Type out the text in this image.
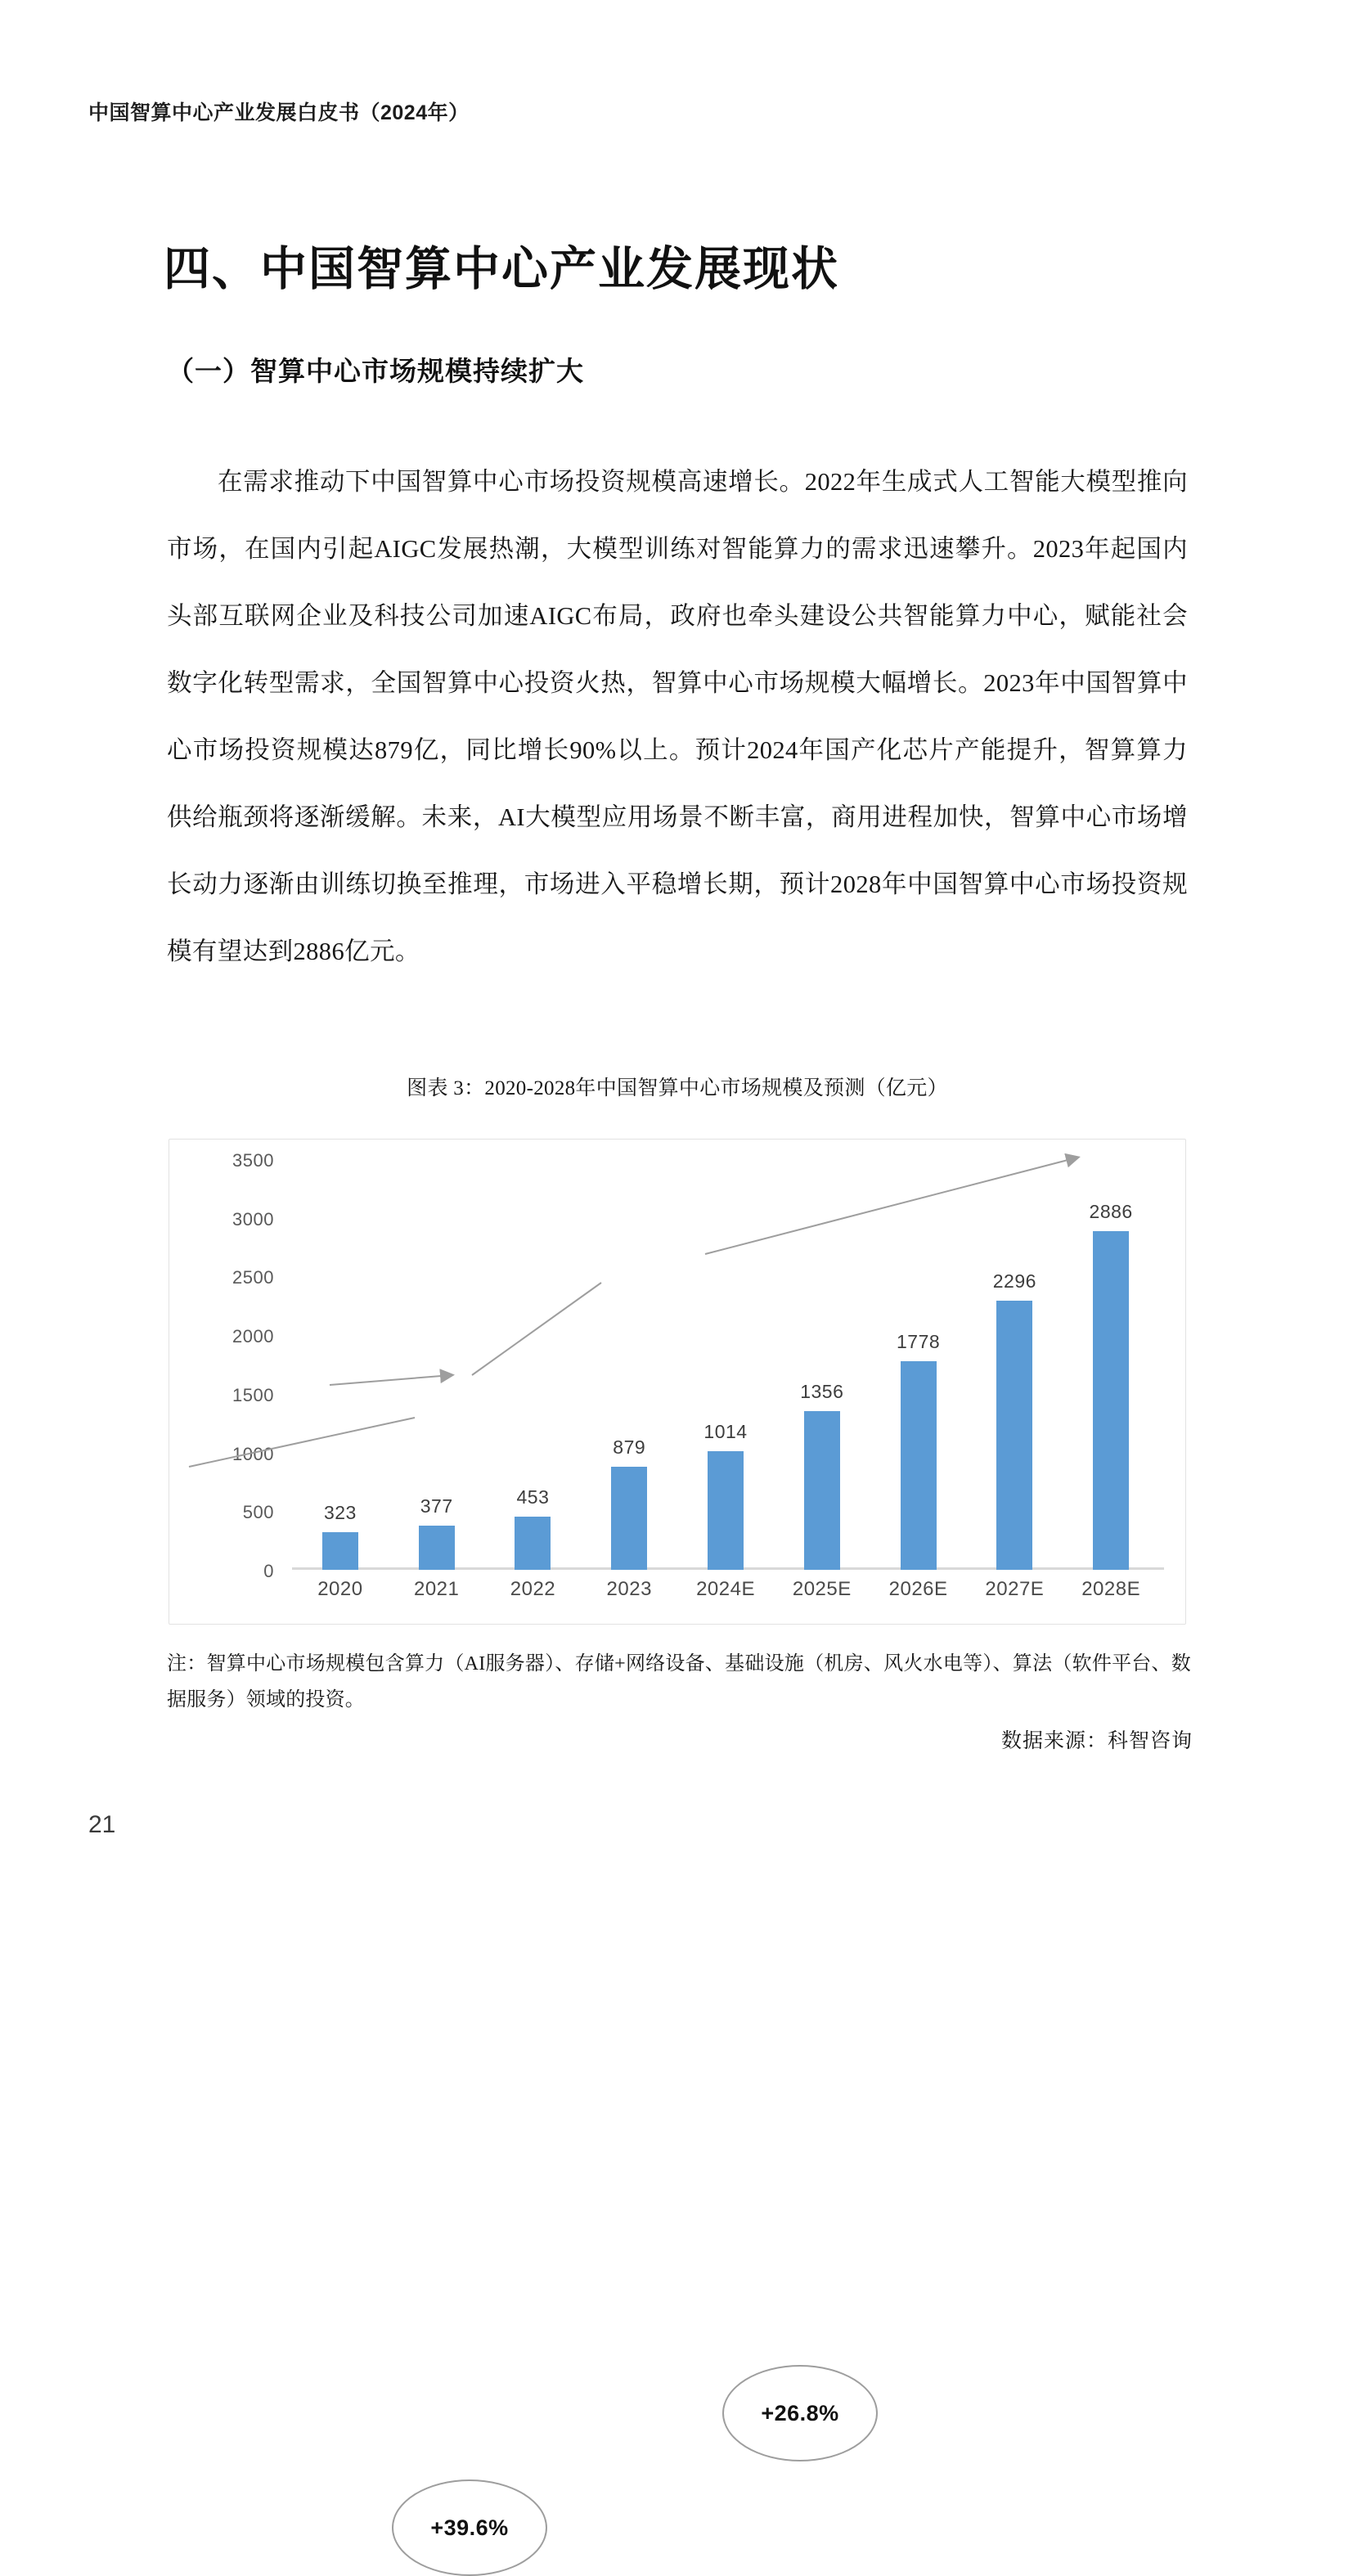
中国智算中心产业发展白皮书（2024年）
四、中国智算中心产业发展现状
（一）智算中心市场规模持续扩大

在需求推动下中国智算中心市场投资规模高速增长。2022年生成式人工智能大模型推向市场，在国内引起AIGC发展热潮，大模型训练对智能算力的需求迅速攀升。2023年起国内头部互联网企业及科技公司加速AIGC布局，政府也牵头建设公共智能算力中心，赋能社会数字化转型需求，全国智算中心投资火热，智算中心市场规模大幅增长。2023年中国智算中心市场投资规模达879亿，同比增长90%以上。预计2024年国产化芯片产能提升，智算算力供给瓶颈将逐渐缓解。未来，AI大模型应用场景不断丰富，商用进程加快，智算中心市场增长动力逐渐由训练切换至推理，市场进入平稳增长期，预计2028年中国智算中心市场投资规模有望达到2886亿元。

图表 3：2020-2028年中国智算中心市场规模及预测（亿元）
0
500
1000
1500
2000
2500
3000
3500
323	377	453
879
1014
1356
1778
2296
2886
2020	2021	2022	2023	2024E	2025E	2026E	2027E	2028E
+39.6%
+26.8%

注：智算中心市场规模包含算力（AI服务器）、存储+网络设备、基础设施（机房、风火水电等）、算法（软件平台、数据服务）领域的投资。

数据来源：科智咨询
21
